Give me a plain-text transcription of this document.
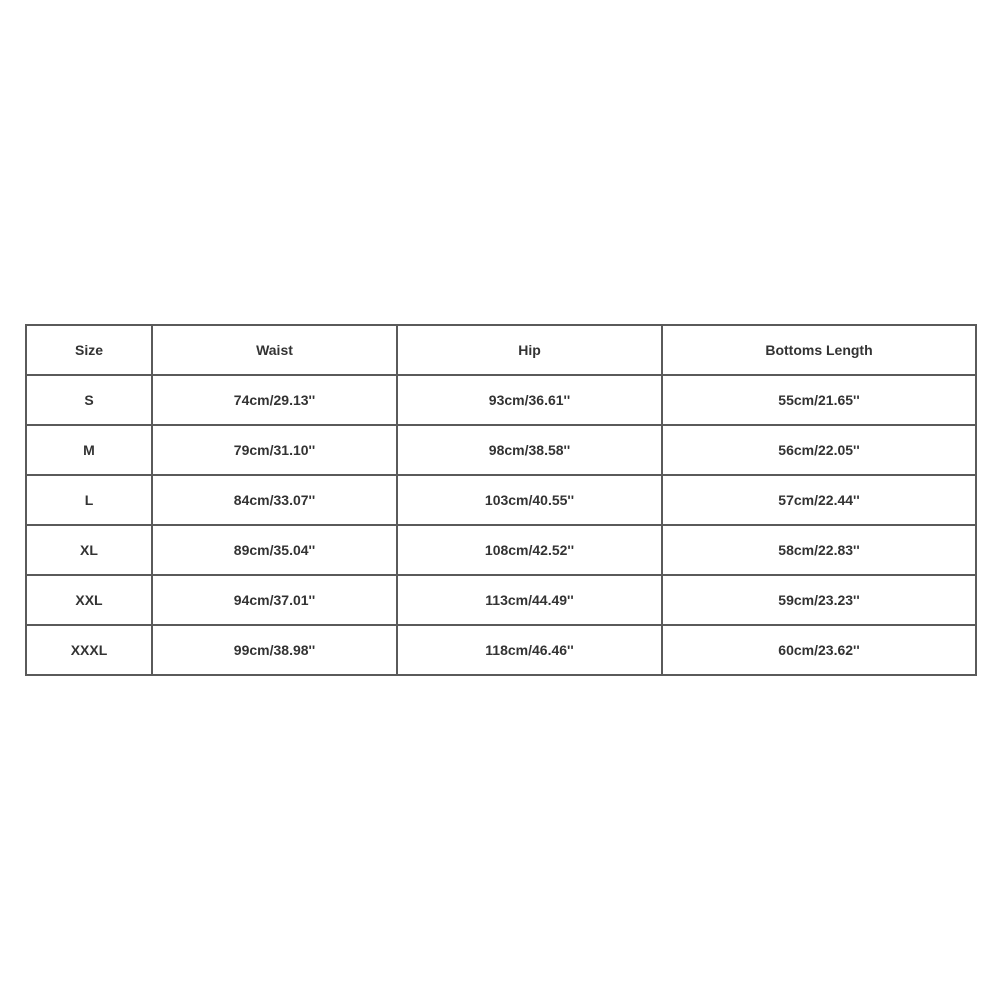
Size	Waist	Hip	Bottoms Length
S	74cm/29.13''	93cm/36.61''	55cm/21.65''
M	79cm/31.10''	98cm/38.58''	56cm/22.05''
L	84cm/33.07''	103cm/40.55''	57cm/22.44''
XL	89cm/35.04''	108cm/42.52''	58cm/22.83''
XXL	94cm/37.01''	113cm/44.49''	59cm/23.23''
XXXL	99cm/38.98''	118cm/46.46''	60cm/23.62''
